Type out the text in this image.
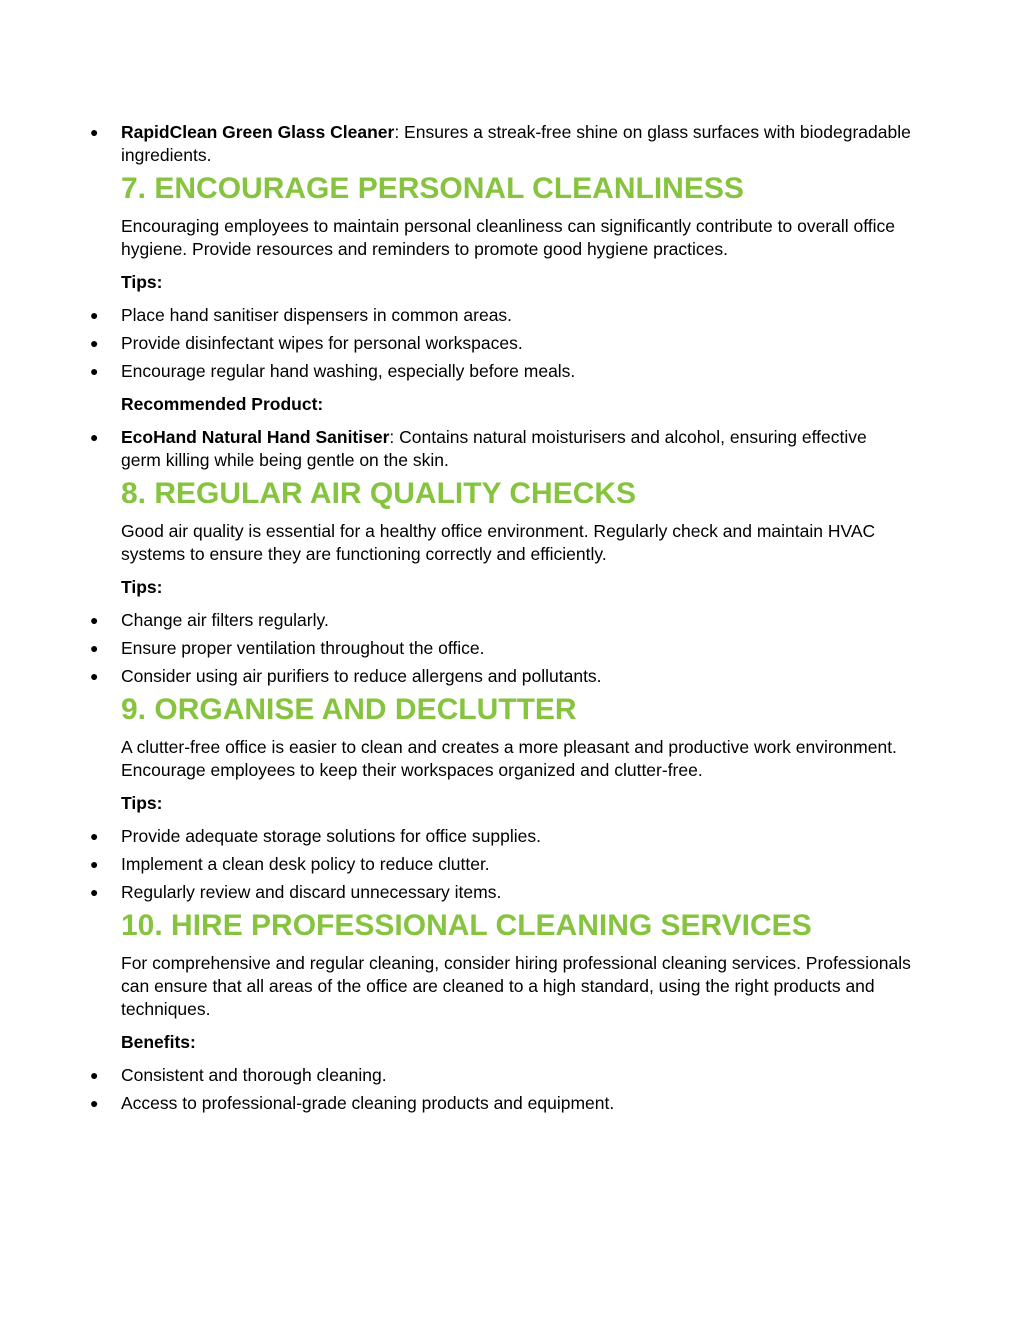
● RapidClean Green Glass Cleaner: Ensures a streak-free shine on glass surfaces with biodegradable ingredients.

7. ENCOURAGE PERSONAL CLEANLINESS

Encouraging employees to maintain personal cleanliness can significantly contribute to overall office hygiene. Provide resources and reminders to promote good hygiene practices.

Tips:

● Place hand sanitiser dispensers in common areas.

● Provide disinfectant wipes for personal workspaces.

● Encourage regular hand washing, especially before meals.

Recommended Product:

● EcoHand Natural Hand Sanitiser: Contains natural moisturisers and alcohol, ensuring effective germ killing while being gentle on the skin.

8. REGULAR AIR QUALITY CHECKS

Good air quality is essential for a healthy office environment. Regularly check and maintain HVAC systems to ensure they are functioning correctly and efficiently.

Tips:

● Change air filters regularly.

● Ensure proper ventilation throughout the office.

● Consider using air purifiers to reduce allergens and pollutants.

9. ORGANISE AND DECLUTTER

A clutter-free office is easier to clean and creates a more pleasant and productive work environment. Encourage employees to keep their workspaces organized and clutter-free.

Tips:

● Provide adequate storage solutions for office supplies.

● Implement a clean desk policy to reduce clutter.

● Regularly review and discard unnecessary items.

10. HIRE PROFESSIONAL CLEANING SERVICES

For comprehensive and regular cleaning, consider hiring professional cleaning services. Professionals can ensure that all areas of the office are cleaned to a high standard, using the right products and techniques.

Benefits:

● Consistent and thorough cleaning.

● Access to professional-grade cleaning products and equipment.
